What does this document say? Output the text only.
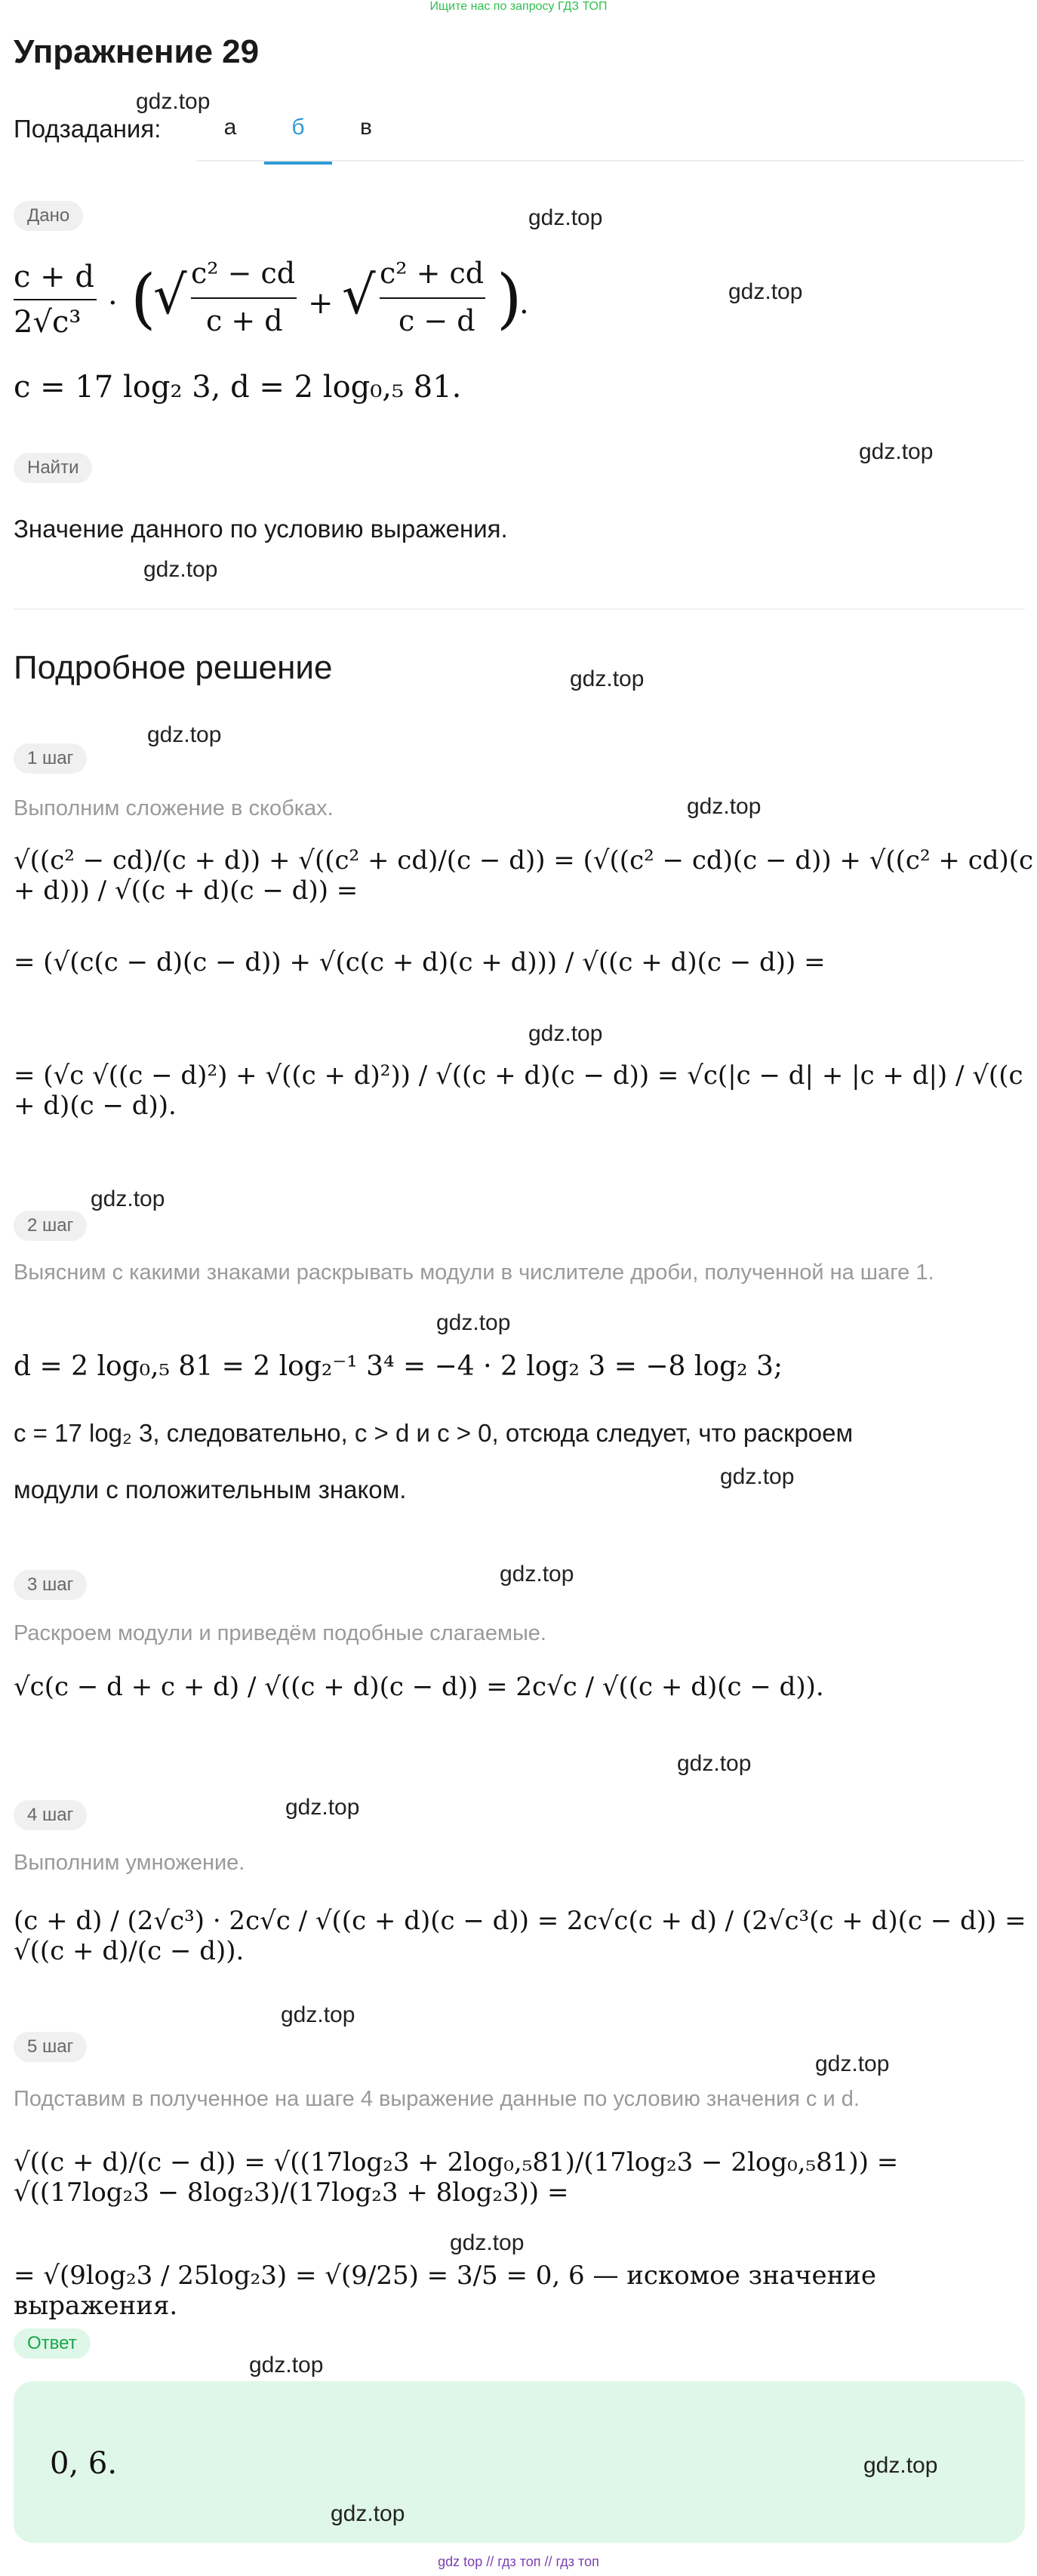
Ищите нас по запросу ГДЗ ТОП
Упражнение 29
Подзадания:	а	б	в
Дано
c + d
2√c³
· (
√ c² − cd
c + d + √ c² + cd
c − d )
.
c = 17 log₂ 3, d = 2 log₀,₅ 81.
Найти
Значение данного по условию выражения.
Подробное решение
1 шаг
Выполним сложение в скобках.
√((c² − cd)/(c + d)) + √((c² + cd)/(c − d)) = (√((c² − cd)(c − d)) + √((c² + cd)(c + d))) / √((c + d)(c − d)) =
= (√(c(c − d)(c − d)) + √(c(c + d)(c + d))) / √((c + d)(c − d)) =
= (√c √((c − d)²) + √((c + d)²)) / √((c + d)(c − d)) = √c(|c − d| + |c + d|) / √((c + d)(c − d)).
2 шаг
Выясним с какими знаками раскрывать модули в числителе дроби, полученной на шаге 1.
d = 2 log₀,₅ 81 = 2 log₂⁻¹ 3⁴ = −4 · 2 log₂ 3 = −8 log₂ 3;
c = 17 log₂ 3, следовательно, c > d и c > 0, отсюда следует, что раскроем
модули с положительным знаком.
3 шаг
Раскроем модули и приведём подобные слагаемые.
√c(c − d + c + d) / √((c + d)(c − d)) = 2c√c / √((c + d)(c − d)).
4 шаг
Выполним умножение.
(c + d) / (2√c³) · 2c√c / √((c + d)(c − d)) = 2c√c(c + d) / (2√c³(c + d)(c − d)) = √((c + d)/(c − d)).
5 шаг
Подставим в полученное на шаге 4 выражение данные по условию значения c и d.
√((c + d)/(c − d)) = √((17log₂3 + 2log₀,₅81)/(17log₂3 − 2log₀,₅81)) = √((17log₂3 − 8log₂3)/(17log₂3 + 8log₂3)) =
= √(9log₂3 / 25log₂3) = √(9/25) = 3/5 = 0, 6 — искомое значение выражения.
Ответ
0, 6.
gdz.top
gdz.top
gdz.top
gdz.top
gdz.top
gdz.top
gdz.top
gdz.top
gdz.top
gdz.top
gdz.top
gdz.top
gdz.top
gdz.top
gdz.top
gdz.top
gdz.top
gdz.top
gdz.top
gdz.top
gdz.top
gdz top // гдз топ // гдз топ
